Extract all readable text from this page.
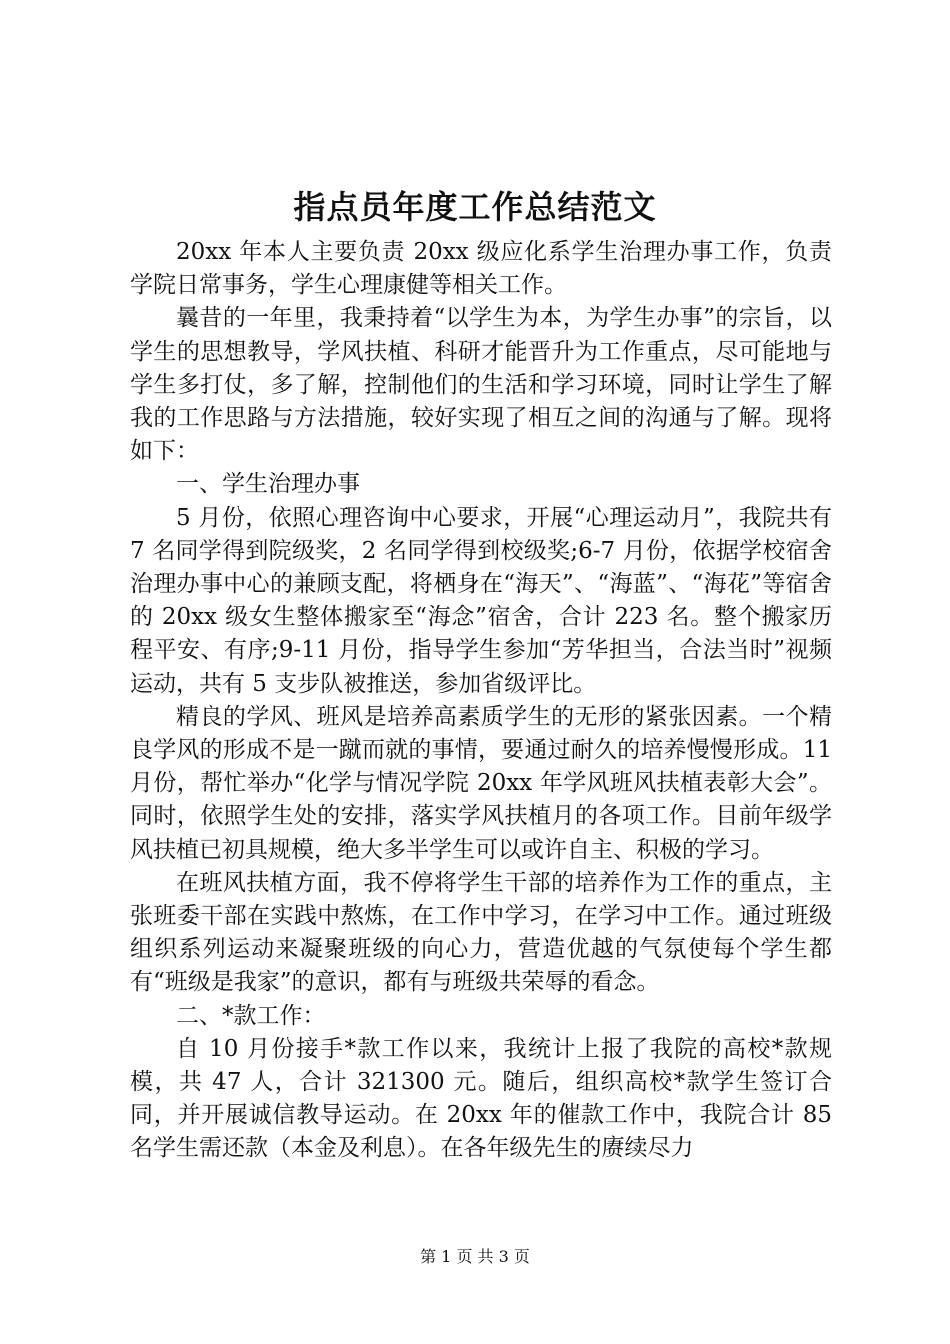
指点员年度工作总结范文

20xx 年本人主要负责 20xx 级应化系学生治理办事工作，负责学院日常事务，学生心理康健等相关工作。

曩昔的一年里，我秉持着“以学生为本，为学生办事”的宗旨，以学生的思想教导，学风扶植、科研才能晋升为工作重点，尽可能地与学生多打仗，多了解，控制他们的生活和学习环境，同时让学生了解我的工作思路与方法措施，较好实现了相互之间的沟通与了解。现将如下：

一、学生治理办事

5 月份，依照心理咨询中心要求，开展“心理运动月”，我院共有 7 名同学得到院级奖，2 名同学得到校级奖;6-7 月份，依据学校宿舍治理办事中心的兼顾支配，将栖身在“海天”、“海蓝”、“海花”等宿舍的 20xx 级女生整体搬家至“海念”宿舍，合计 223 名。整个搬家历程平安、有序;9-11 月份，指导学生参加“芳华担当，合法当时”视频运动，共有 5 支步队被推送，参加省级评比。

精良的学风、班风是培养高素质学生的无形的紧张因素。一个精良学风的形成不是一蹴而就的事情，要通过耐久的培养慢慢形成。11 月份，帮忙举办“化学与情况学院 20xx 年学风班风扶植表彰大会”。同时，依照学生处的安排，落实学风扶植月的各项工作。目前年级学风扶植已初具规模，绝大多半学生可以或许自主、积极的学习。

在班风扶植方面，我不停将学生干部的培养作为工作的重点，主张班委干部在实践中熬炼，在工作中学习，在学习中工作。通过班级组织系列运动来凝聚班级的向心力，营造优越的气氛使每个学生都有“班级是我家”的意识，都有与班级共荣辱的看念。

二、*款工作：

自 10 月份接手*款工作以来，我统计上报了我院的高校*款规模，共 47 人，合计 321300 元。随后，组织高校*款学生签订合同，并开展诚信教导运动。在 20xx 年的催款工作中，我院合计 85 名学生需还款（本金及利息）。在各年级先生的赓续尽力

第 1 页 共 3 页
